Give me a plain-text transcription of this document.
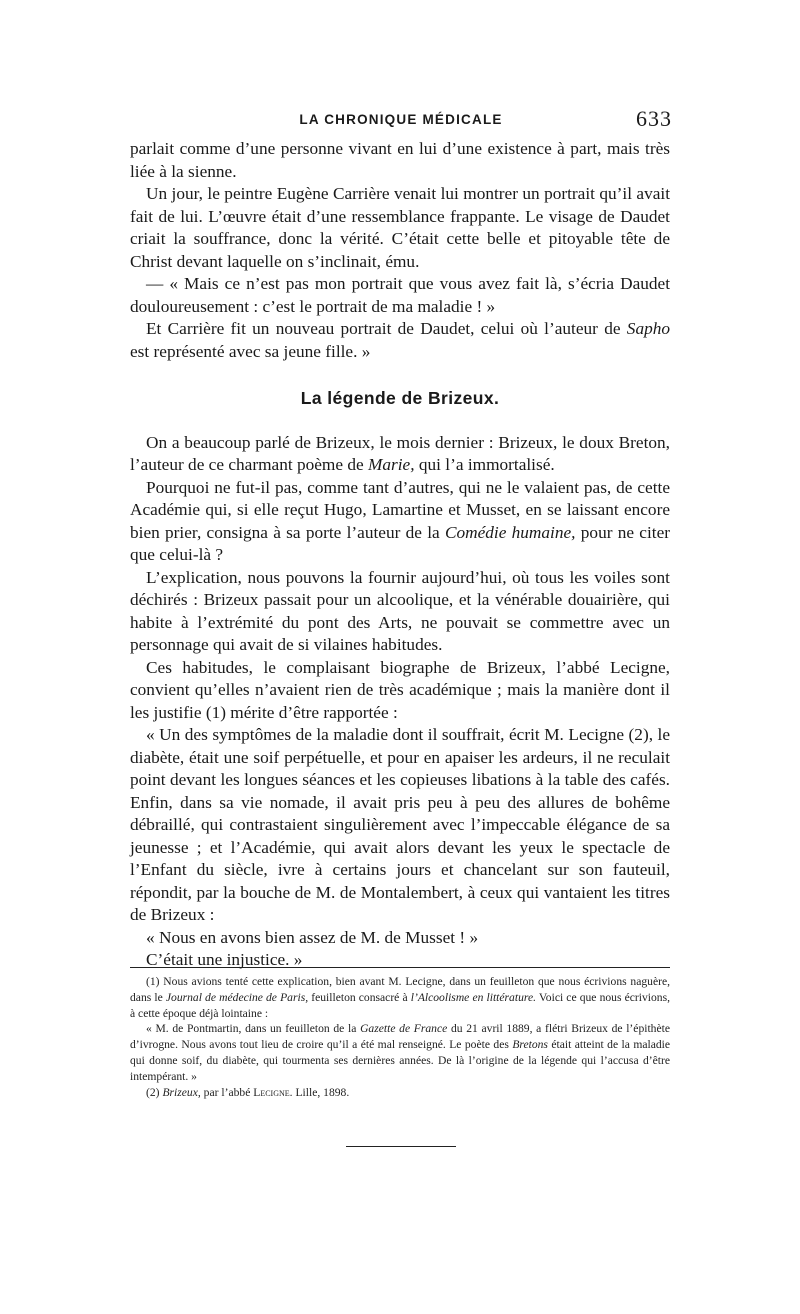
LA CHRONIQUE MÉDICALE	633

parlait comme d’une personne vivant en lui d’une existence à part, mais très liée à la sienne.

Un jour, le peintre Eugène Carrière venait lui montrer un portrait qu’il avait fait de lui. L’œuvre était d’une ressemblance frappante. Le visage de Daudet criait la souffrance, donc la vérité. C’était cette belle et pitoyable tête de Christ devant laquelle on s’inclinait, ému.

— « Mais ce n’est pas mon portrait que vous avez fait là, s’écria Daudet douloureusement : c’est le portrait de ma maladie ! »

Et Carrière fit un nouveau portrait de Daudet, celui où l’auteur de Sapho est représenté avec sa jeune fille. »

La légende de Brizeux.

On a beaucoup parlé de Brizeux, le mois dernier : Brizeux, le doux Breton, l’auteur de ce charmant poème de Marie, qui l’a immortalisé.

Pourquoi ne fut-il pas, comme tant d’autres, qui ne le valaient pas, de cette Académie qui, si elle reçut Hugo, Lamartine et Musset, en se laissant encore bien prier, consigna à sa porte l’auteur de la Comédie humaine, pour ne citer que celui-là ?

L’explication, nous pouvons la fournir aujourd’hui, où tous les voiles sont déchirés : Brizeux passait pour un alcoolique, et la vénérable douairière, qui habite à l’extrémité du pont des Arts, ne pouvait se commettre avec un personnage qui avait de si vilaines habitudes.

Ces habitudes, le complaisant biographe de Brizeux, l’abbé Lecigne, convient qu’elles n’avaient rien de très académique ; mais la manière dont il les justifie (1) mérite d’être rapportée :

« Un des symptômes de la maladie dont il souffrait, écrit M. Lecigne (2), le diabète, était une soif perpétuelle, et pour en apaiser les ardeurs, il ne reculait point devant les longues séances et les copieuses libations à la table des cafés. Enfin, dans sa vie nomade, il avait pris peu à peu des allures de bohême débraillé, qui contrastaient singulièrement avec l’impeccable élégance de sa jeunesse ; et l’Académie, qui avait alors devant les yeux le spectacle de l’Enfant du siècle, ivre à certains jours et chancelant sur son fauteuil, répondit, par la bouche de M. de Montalembert, à ceux qui vantaient les titres de Brizeux :

« Nous en avons bien assez de M. de Musset ! »

C’était une injustice. »

(1) Nous avions tenté cette explication, bien avant M. Lecigne, dans un feuilleton que nous écrivions naguère, dans le Journal de médecine de Paris, feuilleton consacré à l’Alcoolisme en littérature. Voici ce que nous écrivions, à cette époque déjà lointaine :

« M. de Pontmartin, dans un feuilleton de la Gazette de France du 21 avril 1889, a flétri Brizeux de l’épithète d’ivrogne. Nous avons tout lieu de croire qu’il a été mal renseigné. Le poète des Bretons était atteint de la maladie qui donne soif, du diabète, qui tourmenta ses dernières années. De là l’origine de la légende qui l’accusa d’être intempérant. »

(2) Brizeux, par l’abbé Lecigne. Lille, 1898.
